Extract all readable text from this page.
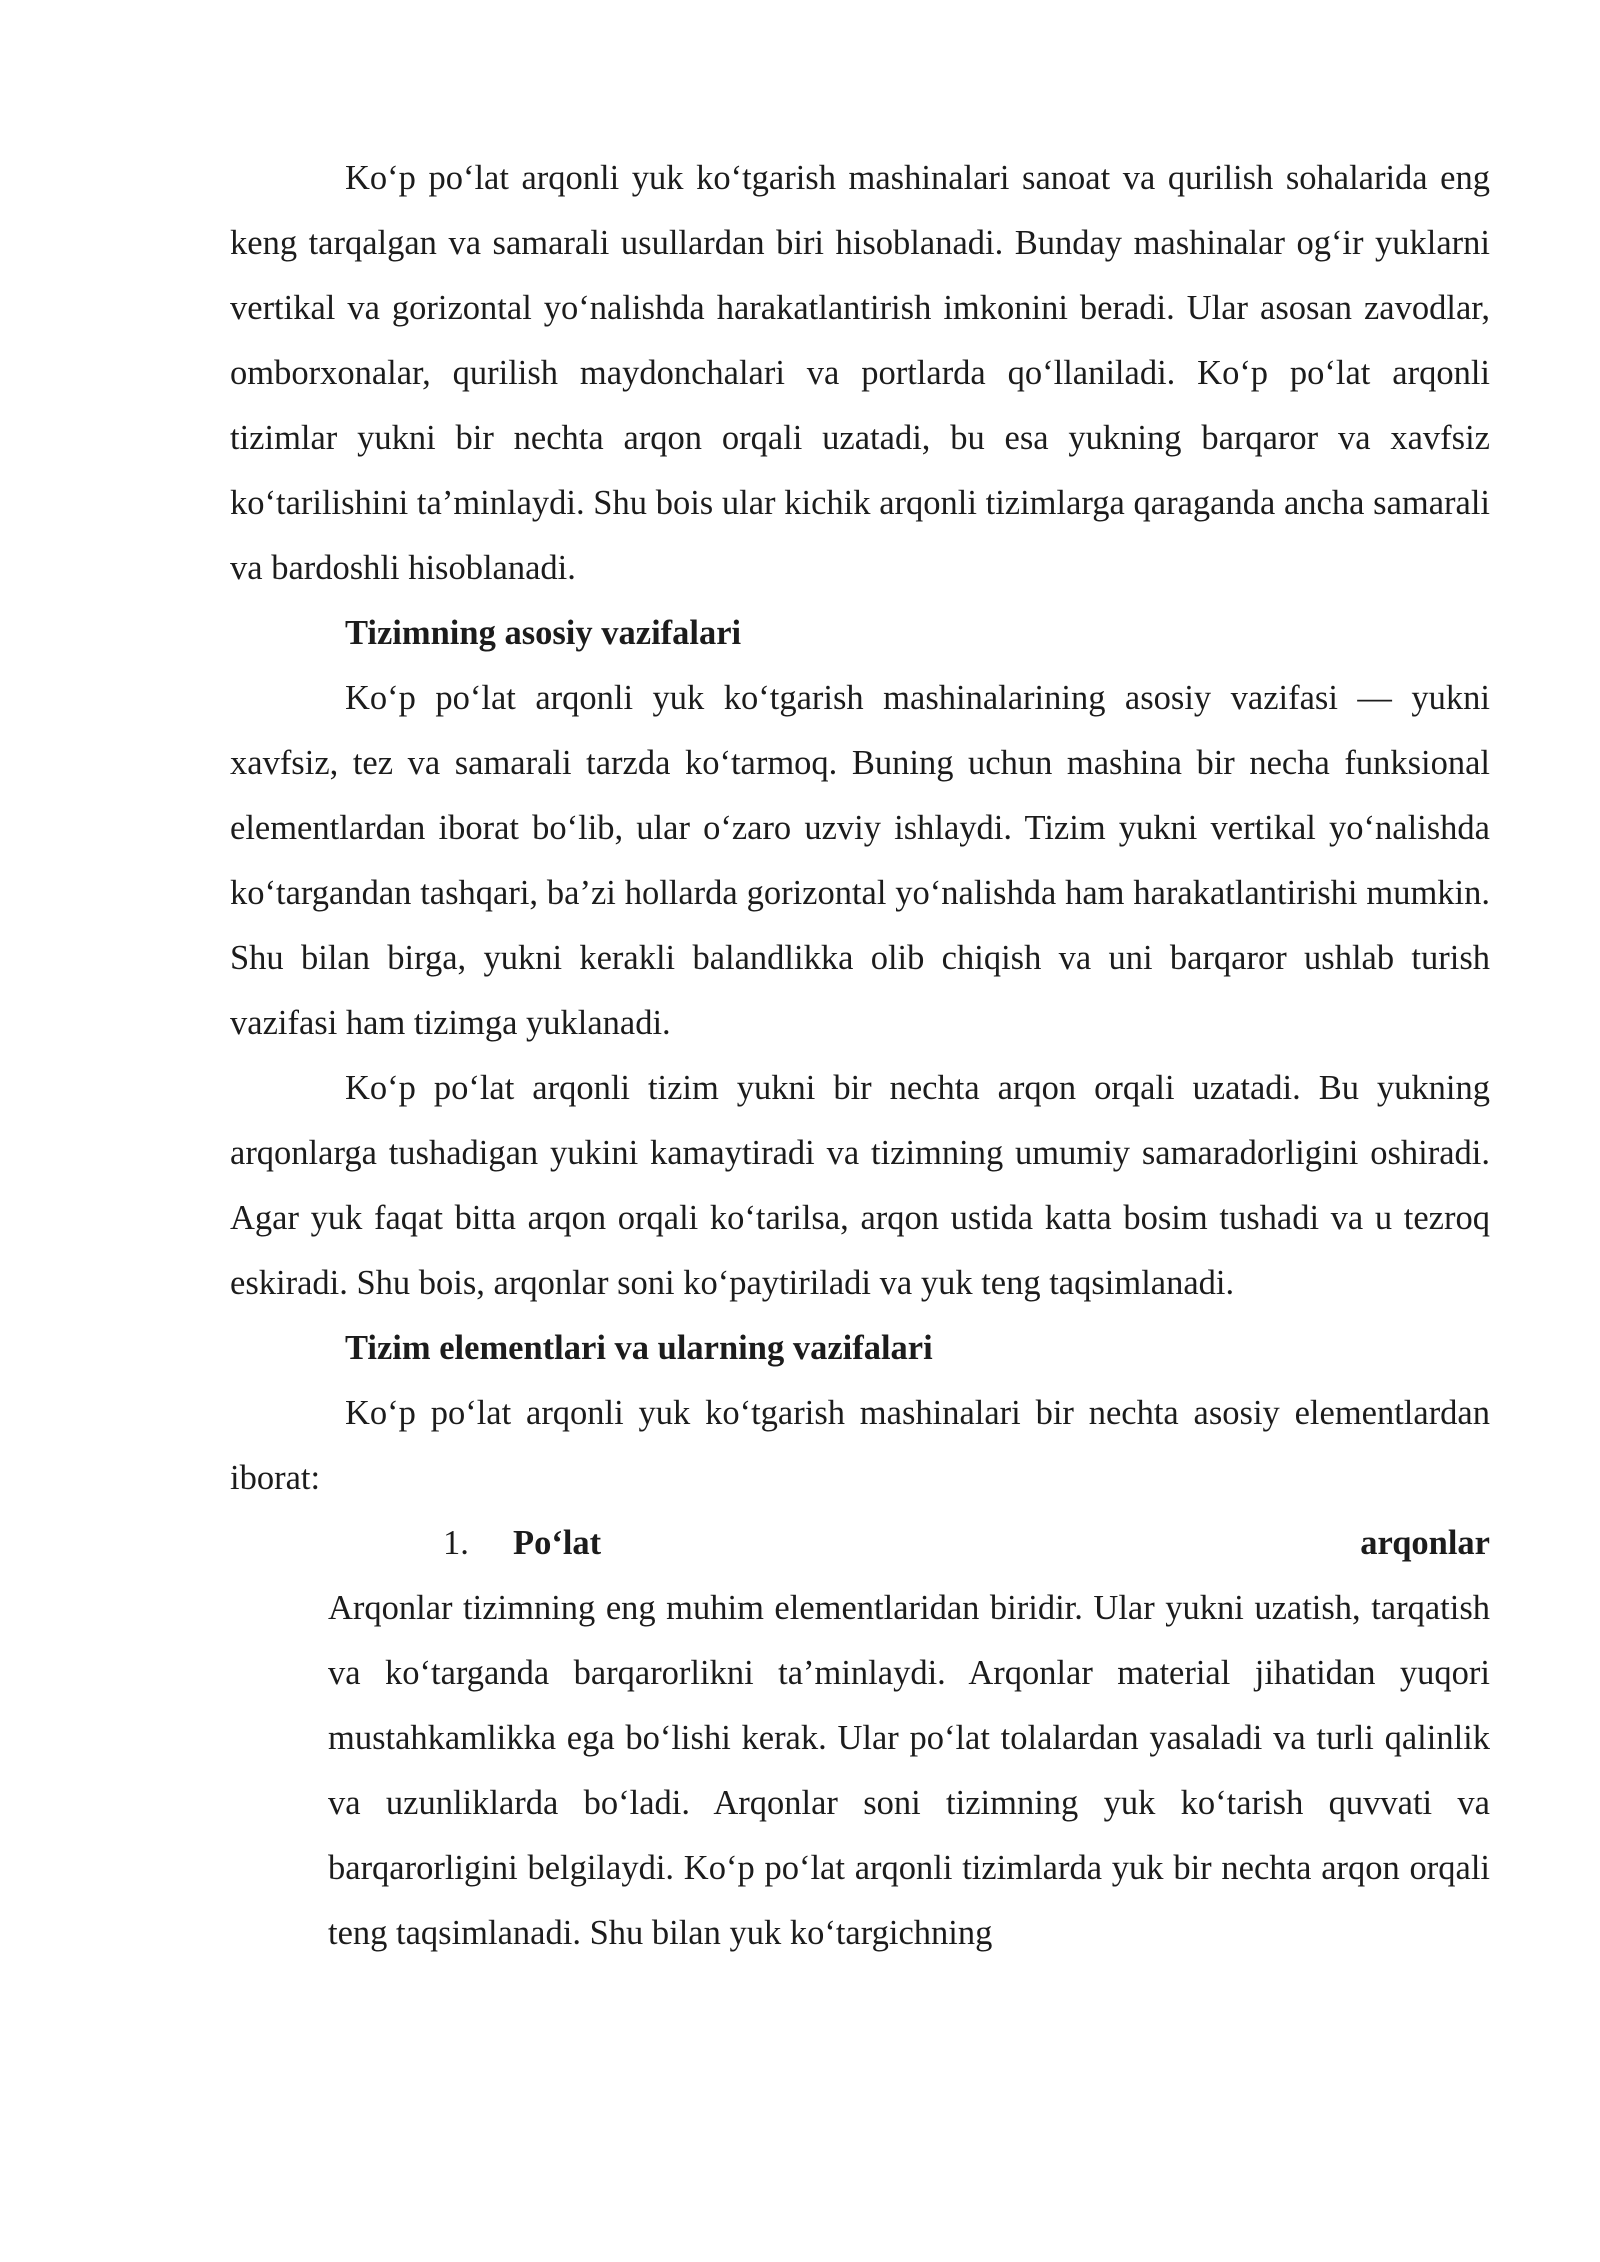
Ko‘p po‘lat arqonli yuk ko‘tgarish mashinalari sanoat va qurilish sohalarida eng keng tarqalgan va samarali usullardan biri hisoblanadi. Bunday mashinalar og‘ir yuklarni vertikal va gorizontal yo‘nalishda harakatlantirish imkonini beradi. Ular asosan zavodlar, omborxonalar, qurilish maydonchalari va portlarda qo‘llaniladi. Ko‘p po‘lat arqonli tizimlar yukni bir nechta arqon orqali uzatadi, bu esa yukning barqaror va xavfsiz ko‘tarilishini ta’minlaydi. Shu bois ular kichik arqonli tizimlarga qaraganda ancha samarali va bardoshli hisoblanadi.

Tizimning asosiy vazifalari

Ko‘p po‘lat arqonli yuk ko‘tgarish mashinalarining asosiy vazifasi — yukni xavfsiz, tez va samarali tarzda ko‘tarmoq. Buning uchun mashina bir necha funksional elementlardan iborat bo‘lib, ular o‘zaro uzviy ishlaydi. Tizim yukni vertikal yo‘nalishda ko‘targandan tashqari, ba’zi hollarda gorizontal yo‘nalishda ham harakatlantirishi mumkin. Shu bilan birga, yukni kerakli balandlikka olib chiqish va uni barqaror ushlab turish vazifasi ham tizimga yuklanadi.

Ko‘p po‘lat arqonli tizim yukni bir nechta arqon orqali uzatadi. Bu yukning arqonlarga tushadigan yukini kamaytiradi va tizimning umumiy samaradorligini oshiradi. Agar yuk faqat bitta arqon orqali ko‘tarilsa, arqon ustida katta bosim tushadi va u tezroq eskiradi. Shu bois, arqonlar soni ko‘paytiriladi va yuk teng taqsimlanadi.

Tizim elementlari va ularning vazifalari

Ko‘p po‘lat arqonli yuk ko‘tgarish mashinalari bir nechta asosiy elementlardan iborat:

1.	Po‘lat	arqonlar

Arqonlar tizimning eng muhim elementlaridan biridir. Ular yukni uzatish, tarqatish va ko‘targanda barqarorlikni ta’minlaydi. Arqonlar material jihatidan yuqori mustahkamlikka ega bo‘lishi kerak. Ular po‘lat tolalardan yasaladi va turli qalinlik va uzunliklarda bo‘ladi. Arqonlar soni tizimning yuk ko‘tarish quvvati va barqarorligini belgilaydi. Ko‘p po‘lat arqonli tizimlarda yuk bir nechta arqon orqali teng taqsimlanadi. Shu bilan yuk ko‘targichning
